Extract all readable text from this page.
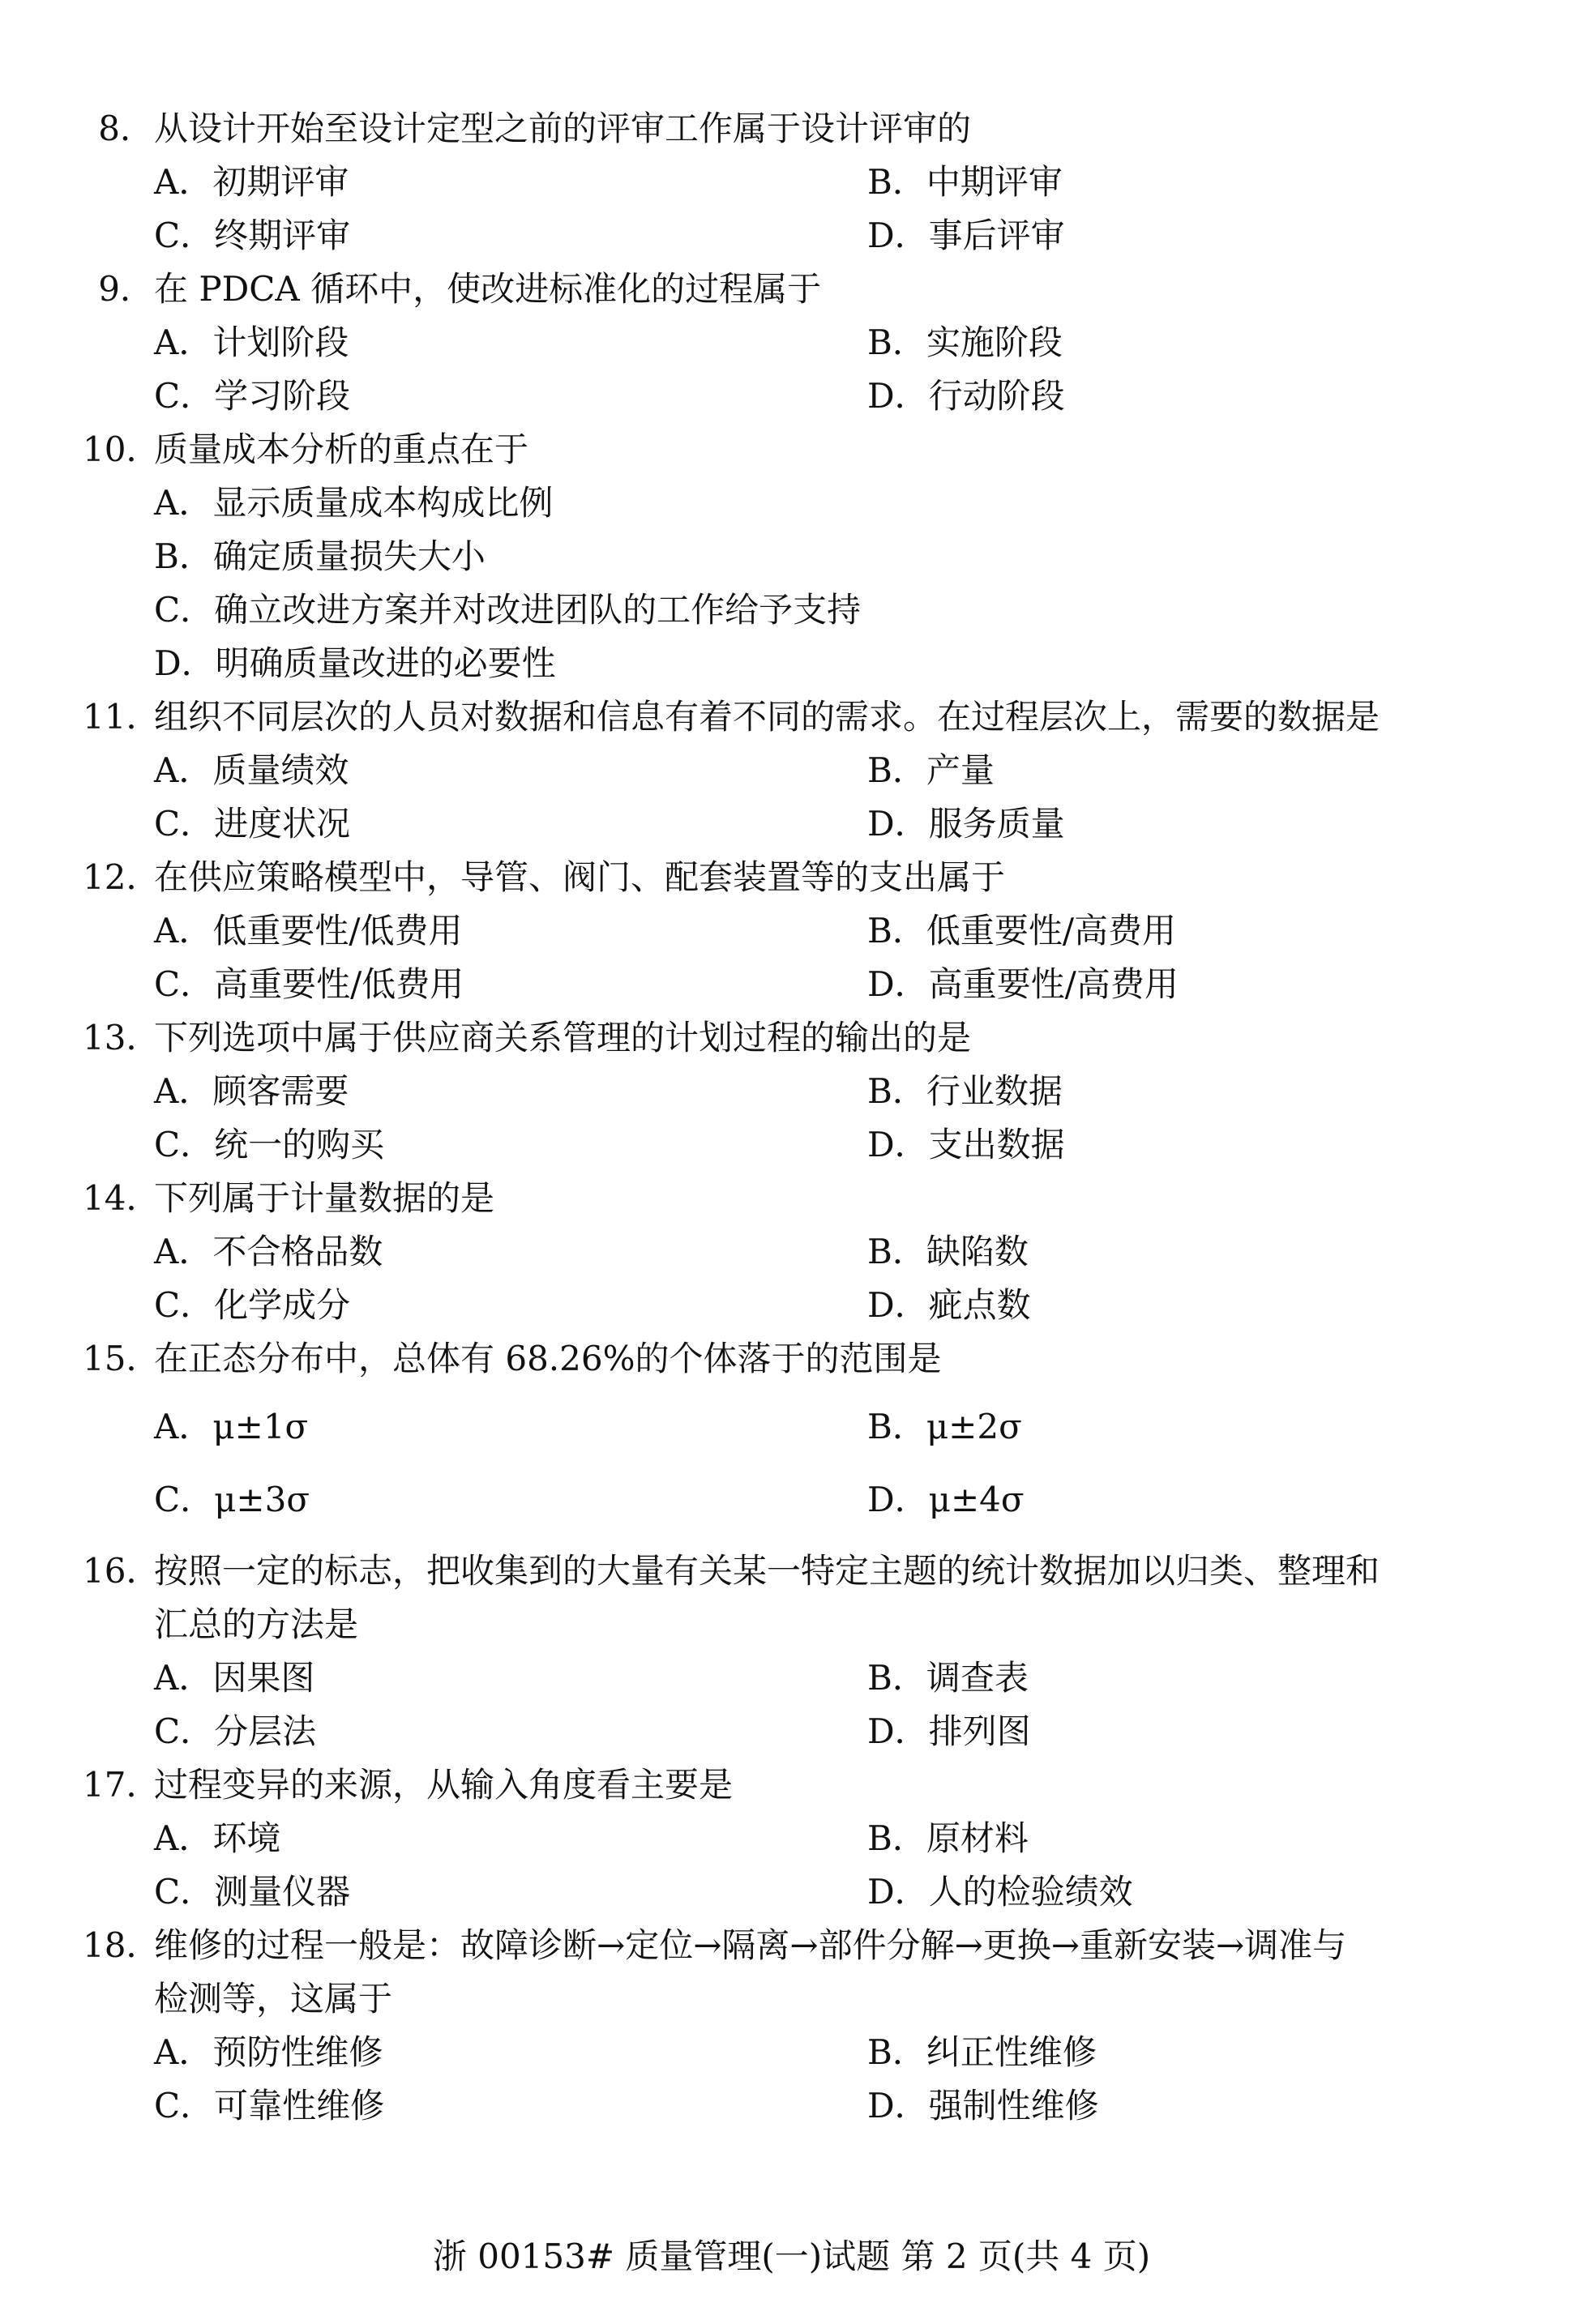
8．从设计开始至设计定型之前的评审工作属于设计评审的
A．初期评审	B．中期评审
C．终期评审	D．事后评审
9．在 PDCA 循环中，使改进标准化的过程属于
A．计划阶段	B．实施阶段
C．学习阶段	D．行动阶段
10．质量成本分析的重点在于
A．显示质量成本构成比例
B．确定质量损失大小
C．确立改进方案并对改进团队的工作给予支持
D．明确质量改进的必要性
11．组织不同层次的人员对数据和信息有着不同的需求。在过程层次上，需要的数据是
A．质量绩效	B．产量
C．进度状况	D．服务质量
12．在供应策略模型中，导管、阀门、配套装置等的支出属于
A．低重要性/低费用	B．低重要性/高费用
C．高重要性/低费用	D．高重要性/高费用
13．下列选项中属于供应商关系管理的计划过程的输出的是
A．顾客需要	B．行业数据
C．统一的购买	D．支出数据
14．下列属于计量数据的是
A．不合格品数	B．缺陷数
C．化学成分	D．疵点数
15．在正态分布中，总体有 68.26%的个体落于的范围是
A．μ±1σ	B．μ±2σ
C．μ±3σ	D．μ±4σ
16．按照一定的标志，把收集到的大量有关某一特定主题的统计数据加以归类、整理和
汇总的方法是
A．因果图	B．调查表
C．分层法	D．排列图
17．过程变异的来源，从输入角度看主要是
A．环境	B．原材料
C．测量仪器	D．人的检验绩效
18．维修的过程一般是：故障诊断→定位→隔离→部件分解→更换→重新安装→调准与
检测等，这属于
A．预防性维修	B．纠正性维修
C．可靠性维修	D．强制性维修
浙 00153# 质量管理(一)试题 第 2 页(共 4 页)
